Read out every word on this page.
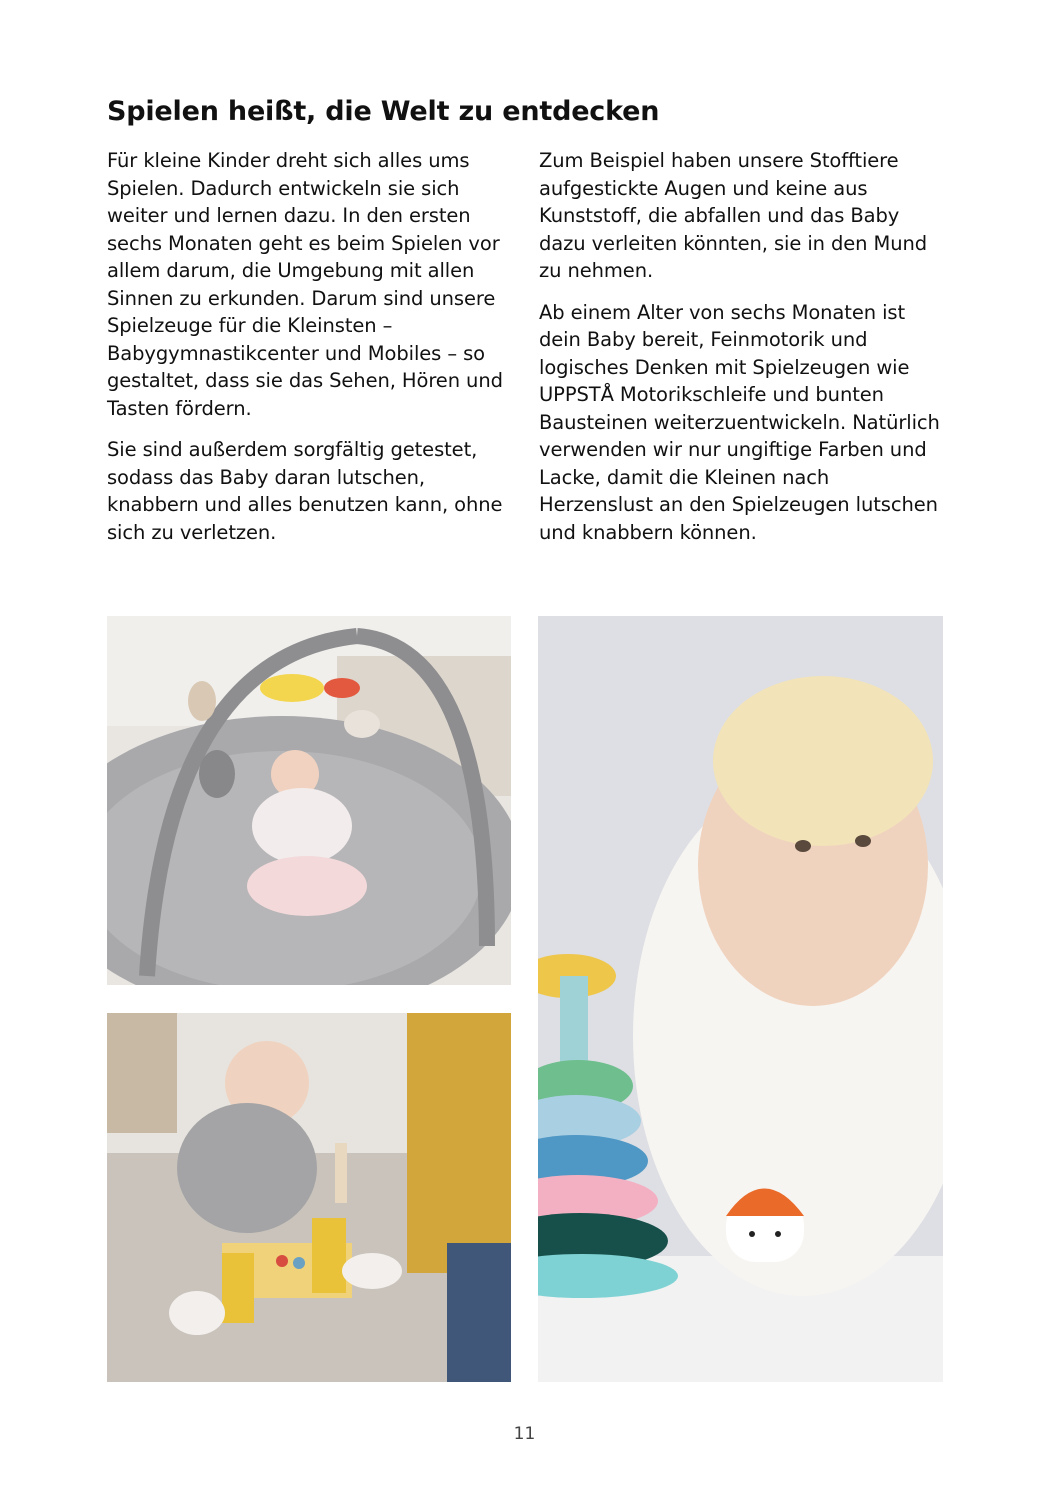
Spielen heißt, die Welt zu entdecken

Für kleine Kinder dreht sich alles ums Spielen. Dadurch entwickeln sie sich weiter und lernen dazu. In den ersten sechs Monaten geht es beim Spielen vor allem darum, die Umgebung mit allen Sinnen zu erkunden. Darum sind unsere Spielzeuge für die Kleinsten – Babygymnastikcenter und Mobiles – so gestaltet, dass sie das Sehen, Hören und Tasten fördern.

Sie sind außerdem sorgfältig getestet, sodass das Baby daran lutschen, knabbern und alles benutzen kann, ohne sich zu verletzen.

Zum Beispiel haben unsere Stofftiere aufgestickte Augen und keine aus Kunststoff, die abfallen und das Baby dazu verleiten könnten, sie in den Mund zu nehmen.

Ab einem Alter von sechs Monaten ist dein Baby bereit, Feinmotorik und logisches Denken mit Spielzeugen wie UPPSTÅ Motorikschleife und bunten Bausteinen weiterzuentwickeln. Natürlich verwenden wir nur ungiftige Farben und Lacke, damit die Kleinen nach Herzenslust an den Spielzeugen lutschen und knabbern können.

11
